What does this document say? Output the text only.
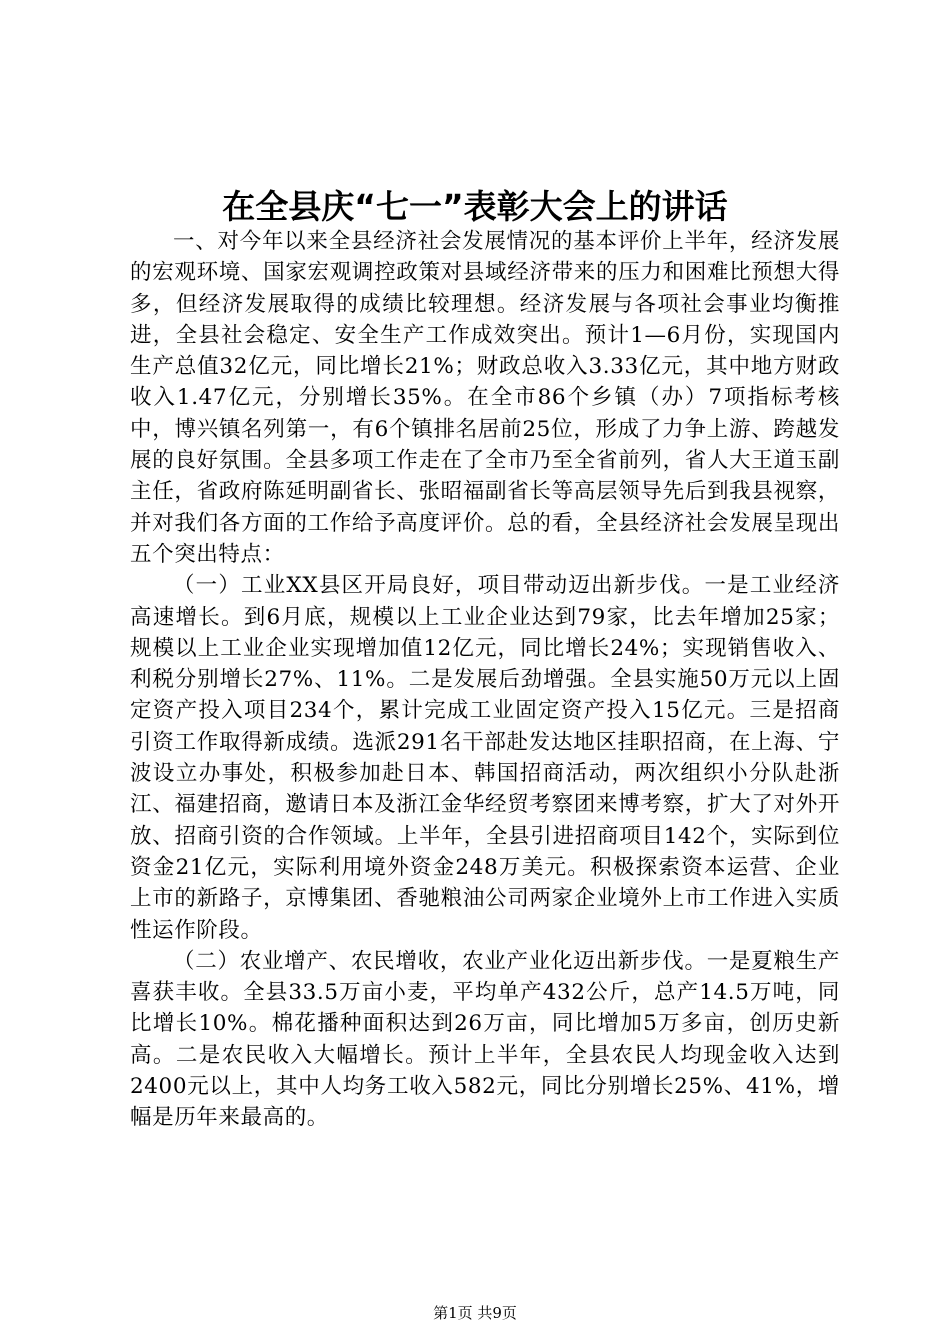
在全县庆“七一”表彰大会上的讲话

一、对今年以来全县经济社会发展情况的基本评价上半年，经济发展的宏观环境、国家宏观调控政策对县域经济带来的压力和困难比预想大得多，但经济发展取得的成绩比较理想。经济发展与各项社会事业均衡推进，全县社会稳定、安全生产工作成效突出。预计1—6月份，实现国内生产总值32亿元，同比增长21%；财政总收入3.33亿元，其中地方财政收入1.47亿元，分别增长35%。在全市86个乡镇（办）7项指标考核中，博兴镇名列第一，有6个镇排名居前25位，形成了力争上游、跨越发展的良好氛围。全县多项工作走在了全市乃至全省前列，省人大王道玉副主任，省政府陈延明副省长、张昭福副省长等高层领导先后到我县视察，并对我们各方面的工作给予高度评价。总的看，全县经济社会发展呈现出五个突出特点：

（一）工业XX县区开局良好，项目带动迈出新步伐。一是工业经济高速增长。到6月底，规模以上工业企业达到79家，比去年增加25家；规模以上工业企业实现增加值12亿元，同比增长24%；实现销售收入、利税分别增长27%、11%。二是发展后劲增强。全县实施50万元以上固定资产投入项目234个，累计完成工业固定资产投入15亿元。三是招商引资工作取得新成绩。选派291名干部赴发达地区挂职招商，在上海、宁波设立办事处，积极参加赴日本、韩国招商活动，两次组织小分队赴浙江、福建招商，邀请日本及浙江金华经贸考察团来博考察，扩大了对外开放、招商引资的合作领域。上半年，全县引进招商项目142个，实际到位资金21亿元，实际利用境外资金248万美元。积极探索资本运营、企业上市的新路子，京博集团、香驰粮油公司两家企业境外上市工作进入实质性运作阶段。

（二）农业增产、农民增收，农业产业化迈出新步伐。一是夏粮生产喜获丰收。全县33.5万亩小麦，平均单产432公斤，总产14.5万吨，同比增长10%。棉花播种面积达到26万亩，同比增加5万多亩，创历史新高。二是农民收入大幅增长。预计上半年，全县农民人均现金收入达到2400元以上，其中人均务工收入582元，同比分别增长25%、41%，增幅是历年来最高的。

第1页 共9页
